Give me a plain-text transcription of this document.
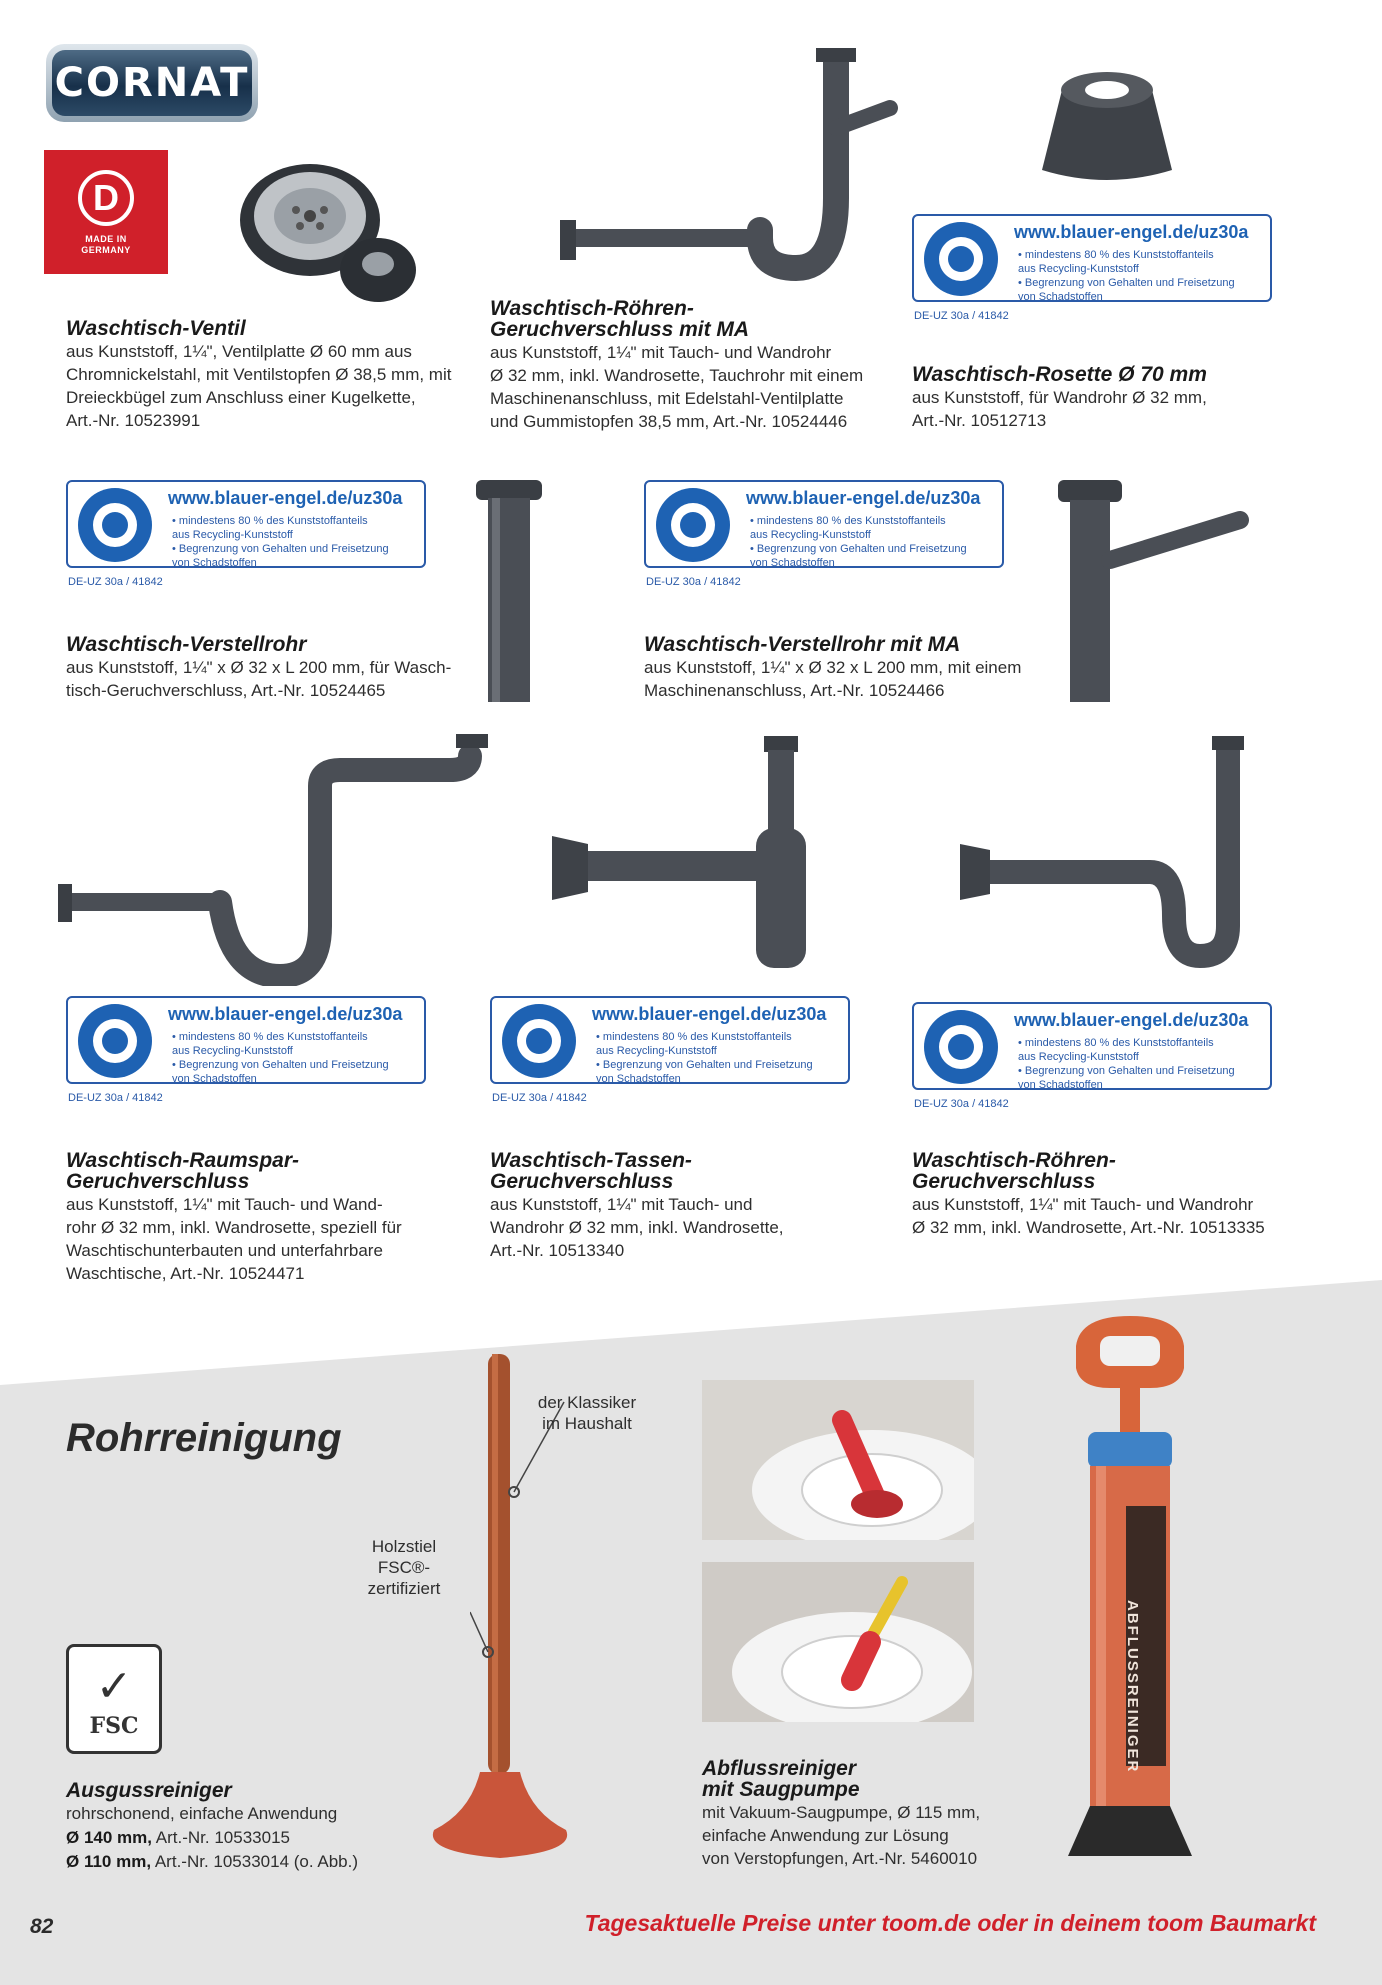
CORNAT
D
MADE IN
GERMANY
www.blauer-engel.de/uz30a
• mindestens 80 % des Kunststoffanteils
aus Recycling-Kunststoff
• Begrenzung von Gehalten und Freisetzung
von Schadstoffen
DE-UZ 30a / 41842
Waschtisch-Ventil
aus Kunststoff, 1¼", Ventilplatte Ø 60 mm aus
Chromnickelstahl, mit Ventilstopfen Ø 38,5 mm, mit
Dreieckbügel zum Anschluss einer Kugelkette,
Art.-Nr. 10523991
Waschtisch-Röhren-
Geruchverschluss mit MA
aus Kunststoff, 1¼" mit Tauch- und Wandrohr
Ø 32 mm, inkl. Wandrosette, Tauchrohr mit einem
Maschinenanschluss, mit Edelstahl-Ventilplatte
und Gummistopfen 38,5 mm, Art.-Nr. 10524446
Waschtisch-Rosette Ø 70 mm
aus Kunststoff, für Wandrohr Ø 32 mm,
Art.-Nr. 10512713
www.blauer-engel.de/uz30a
• mindestens 80 % des Kunststoffanteils
aus Recycling-Kunststoff
• Begrenzung von Gehalten und Freisetzung
von Schadstoffen
DE-UZ 30a / 41842
www.blauer-engel.de/uz30a
• mindestens 80 % des Kunststoffanteils
aus Recycling-Kunststoff
• Begrenzung von Gehalten und Freisetzung
von Schadstoffen
DE-UZ 30a / 41842
Waschtisch-Verstellrohr
aus Kunststoff, 1¼" x Ø 32 x L 200 mm, für Wasch-
tisch-Geruchverschluss, Art.-Nr. 10524465
Waschtisch-Verstellrohr mit MA
aus Kunststoff, 1¼" x Ø 32 x L 200 mm, mit einem
Maschinenanschluss, Art.-Nr. 10524466
www.blauer-engel.de/uz30a
• mindestens 80 % des Kunststoffanteils
aus Recycling-Kunststoff
• Begrenzung von Gehalten und Freisetzung
von Schadstoffen
DE-UZ 30a / 41842
www.blauer-engel.de/uz30a
• mindestens 80 % des Kunststoffanteils
aus Recycling-Kunststoff
• Begrenzung von Gehalten und Freisetzung
von Schadstoffen
DE-UZ 30a / 41842
www.blauer-engel.de/uz30a
• mindestens 80 % des Kunststoffanteils
aus Recycling-Kunststoff
• Begrenzung von Gehalten und Freisetzung
von Schadstoffen
DE-UZ 30a / 41842
Waschtisch-Raumspar-
Geruchverschluss
aus Kunststoff, 1¼" mit Tauch- und Wand-
rohr Ø 32 mm, inkl. Wandrosette, speziell für
Waschtischunterbauten und unterfahrbare
Waschtische, Art.-Nr. 10524471
Waschtisch-Tassen-
Geruchverschluss
aus Kunststoff, 1¼" mit Tauch- und
Wandrohr Ø 32 mm, inkl. Wandrosette,
Art.-Nr. 10513340
Waschtisch-Röhren-
Geruchverschluss
aus Kunststoff, 1¼" mit Tauch- und Wandrohr
Ø 32 mm, inkl. Wandrosette, Art.-Nr. 10513335
Rohrreinigung
der Klassiker
im Haushalt
Holzstiel
FSC®-
zertifiziert
✓
FSC
Ausgussreiniger
rohrschonend, einfache Anwendung
Ø 140 mm, Art.-Nr. 10533015
Ø 110 mm, Art.-Nr. 10533014 (o. Abb.)
ABFLUSSREINIGER
Abflussreiniger
mit Saugpumpe
mit Vakuum-Saugpumpe, Ø 115 mm,
einfache Anwendung zur Lösung
von Verstopfungen, Art.-Nr. 5460010
82	Tagesaktuelle Preise unter toom.de oder in deinem toom Baumarkt
